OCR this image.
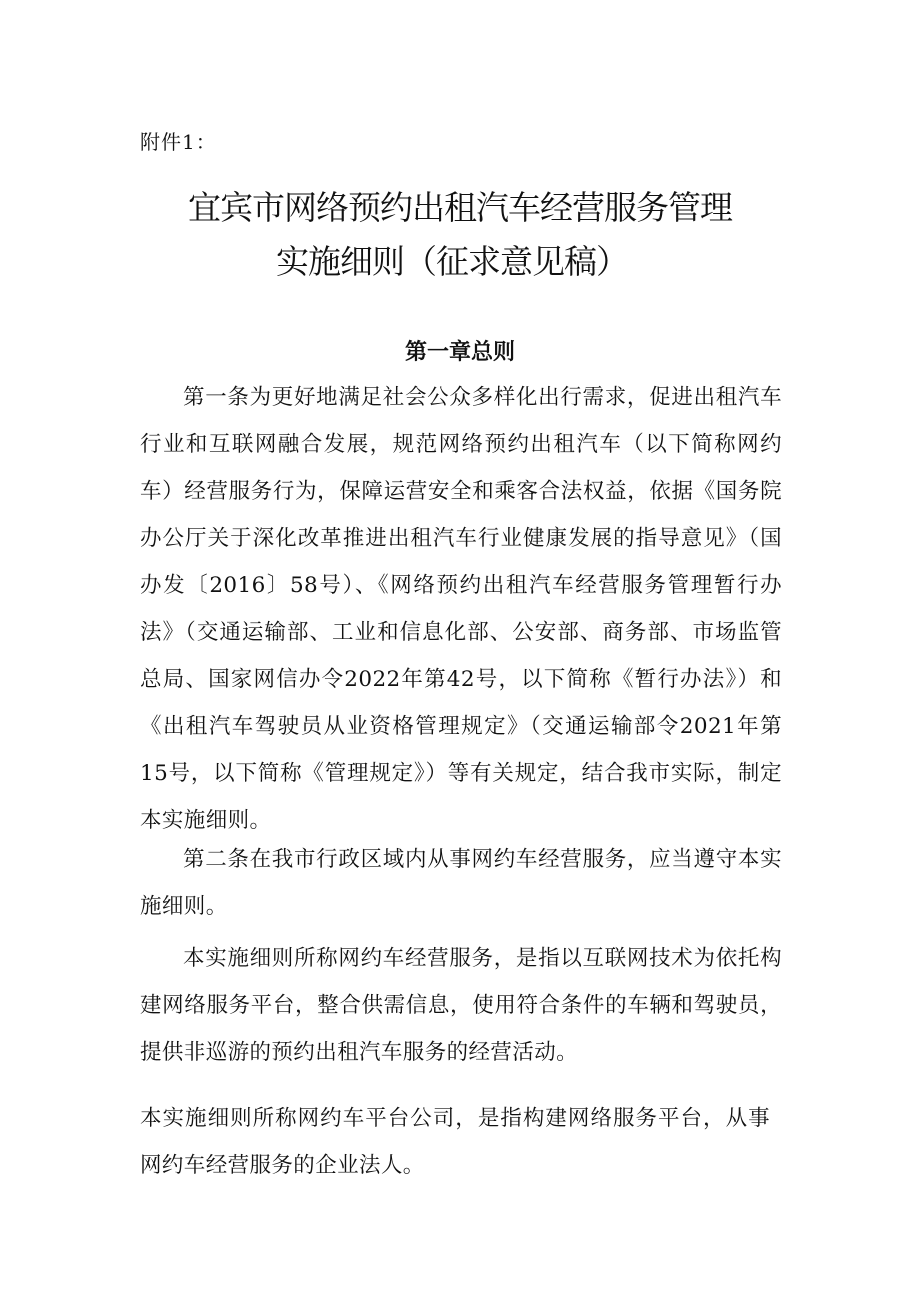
附件1：
宜宾市网络预约出租汽车经营服务管理
实施细则（征求意见稿）
第一章总则

第一条为更好地满足社会公众多样化出行需求，促进出租汽车行业和互联网融合发展，规范网络预约出租汽车（以下简称网约车）经营服务行为，保障运营安全和乘客合法权益，依据《国务院办公厅关于深化改革推进出租汽车行业健康发展的指导意见》（国办发〔2016〕58号）、《网络预约出租汽车经营服务管理暂行办法》（交通运输部、工业和信息化部、公安部、商务部、市场监管总局、国家网信办令2022年第42号，以下简称《暂行办法》）和《出租汽车驾驶员从业资格管理规定》（交通运输部令2021年第15号，以下简称《管理规定》）等有关规定，结合我市实际，制定本实施细则。

第二条在我市行政区域内从事网约车经营服务，应当遵守本实施细则。

本实施细则所称网约车经营服务，是指以互联网技术为依托构建网络服务平台，整合供需信息，使用符合条件的车辆和驾驶员，提供非巡游的预约出租汽车服务的经营活动。

本实施细则所称网约车平台公司，是指构建网络服务平台，从事网约车经营服务的企业法人。
